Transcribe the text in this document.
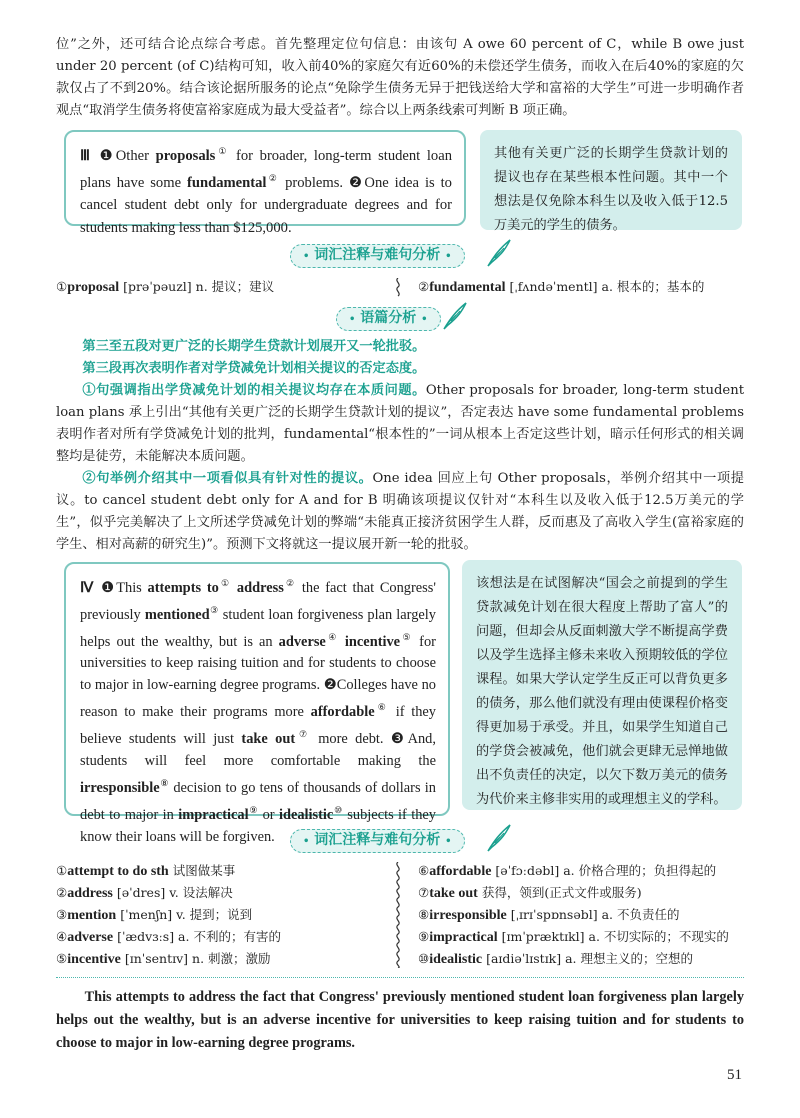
位”之外，还可结合论点综合考虑。首先整理定位句信息：由该句 A owe 60 percent of C，while B owe just under 20 percent (of C)结构可知，收入前40%的家庭欠有近60%的未偿还学生债务，而收入在后40%的家庭的欠款仅占了不到20%。结合该论据所服务的论点“免除学生债务无异于把钱送给大学和富裕的大学生”可进一步明确作者观点“取消学生债务将使富裕家庭成为最大受益者”。综合以上两条线索可判断 B 项正确。
Ⅲ ❶Other proposals① for broader, long-term student loan plans have some fundamental② problems. ❷One idea is to cancel student debt only for undergraduate degrees and for students making less than $125,000.
其他有关更广泛的长期学生贷款计划的提议也存在某些根本性问题。其中一个想法是仅免除本科生以及收入低于12.5万美元的学生的债务。
• 词汇注释与难句分析 •
①proposal [prəˈpəuzl] n. 提议；建议	②fundamental [ˌfʌndəˈmentl] a. 根本的；基本的
• 语篇分析 •
第三至五段对更广泛的长期学生贷款计划展开又一轮批驳。
第三段再次表明作者对学贷减免计划相关提议的否定态度。
①句强调指出学贷减免计划的相关提议均存在本质问题。Other proposals for broader, long-term student loan plans 承上引出“其他有关更广泛的长期学生贷款计划的提议”，否定表达 have some fundamental problems 表明作者对所有学贷减免计划的批判，fundamental“根本性的”一词从根本上否定这些计划，暗示任何形式的相关调整均是徒劳，未能解决本质问题。
②句举例介绍其中一项看似具有针对性的提议。One idea 回应上句 Other proposals，举例介绍其中一项提议。to cancel student debt only for A and for B 明确该项提议仅针对“本科生以及收入低于12.5万美元的学生”，似乎完美解决了上文所述学贷减免计划的弊端“未能真正接济贫困学生人群，反而惠及了高收入学生(富裕家庭的学生、相对高薪的研究生)”。预测下文将就这一提议展开新一轮的批驳。
Ⅳ ❶This attempts to① address② the fact that Congress' previously mentioned③ student loan forgiveness plan largely helps out the wealthy, but is an adverse④ incentive⑤ for universities to keep raising tuition and for students to choose to major in low-earning degree programs. ❷Colleges have no reason to make their programs more affordable⑥ if they believe students will just take out⑦ more debt. ❸And, students will feel more comfortable making the irresponsible⑧ decision to go tens of thousands of dollars in debt to major in impractical⑨ or idealistic⑩ subjects if they know their loans will be forgiven.
该想法是在试图解决“国会之前提到的学生贷款减免计划在很大程度上帮助了富人”的问题，但却会从反面刺激大学不断提高学费以及学生选择主修未来收入预期较低的学位课程。如果大学认定学生反正可以背负更多的债务，那么他们就没有理由使课程价格变得更加易于承受。并且，如果学生知道自己的学贷会被减免，他们就会更肆无忌惮地做出不负责任的决定，以欠下数万美元的债务为代价来主修非实用的或理想主义的学科。
• 词汇注释与难句分析 •
①attempt to do sth 试图做某事
②address [əˈdres] v. 设法解决
③mention [ˈmenʃn] v. 提到；说到
④adverse [ˈædvɜːs] a. 不利的；有害的
⑤incentive [ɪnˈsentɪv] n. 刺激；激励
⑥affordable [əˈfɔːdəbl] a. 价格合理的；负担得起的
⑦take out 获得，领到(正式文件或服务)
⑧irresponsible [ˌɪrɪˈspɒnsəbl] a. 不负责任的
⑨impractical [ɪmˈpræktɪkl] a. 不切实际的；不现实的
⑩idealistic [aɪdiəˈlɪstɪk] a. 理想主义的；空想的
This attempts to address the fact that Congress' previously mentioned student loan forgiveness plan largely helps out the wealthy, but is an adverse incentive for universities to keep raising tuition and for students to choose to major in low-earning degree programs.
51
